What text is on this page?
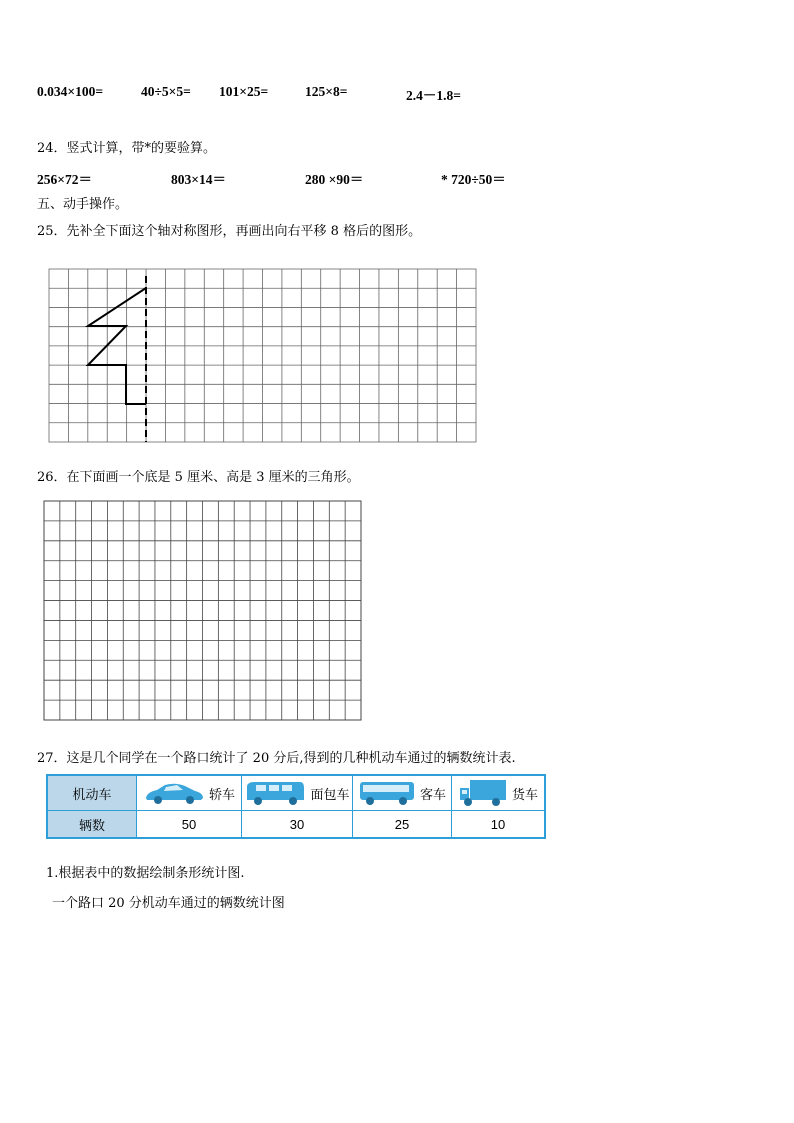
0.034×100=	40÷5×5= 101×25=	125×8=	2.4－1.8=
24．竖式计算，带*的要验算。
256×72＝	803×14＝	280 ×90＝	* 720÷50＝
五、动手操作。
25．先补全下面这个轴对称图形，再画出向右平移 8 格后的图形。
26．在下面画一个底是 5 厘米、高是 3 厘米的三角形。
27．这是几个同学在一个路口统计了 20 分后,得到的几种机动车通过的辆数统计表.
机动车	轿车	面包车	客车	货车

辆数	50	30	25	10
1.根据表中的数据绘制条形统计图.
一个路口 20 分机动车通过的辆数统计图
